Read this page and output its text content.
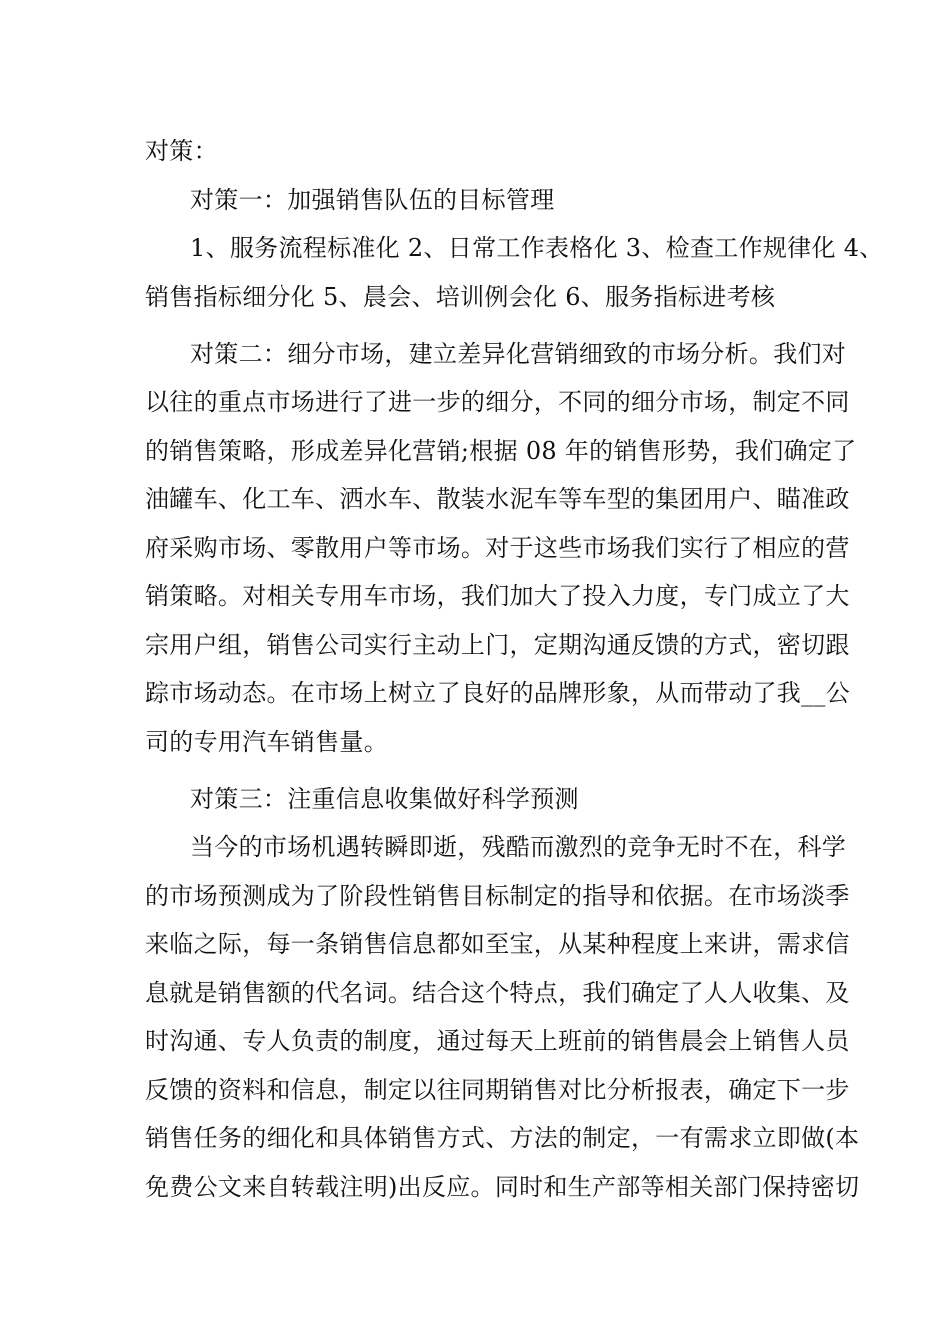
对策：

对策一：加强销售队伍的目标管理

1、服务流程标准化 2、日常工作表格化 3、检查工作规律化 4、

销售指标细分化 5、晨会、培训例会化 6、服务指标进考核

对策二：细分市场，建立差异化营销细致的市场分析。我们对

以往的重点市场进行了进一步的细分，不同的细分市场，制定不同

的销售策略，形成差异化营销;根据 08 年的销售形势，我们确定了

油罐车、化工车、洒水车、散装水泥车等车型的集团用户、瞄准政

府采购市场、零散用户等市场。对于这些市场我们实行了相应的营

销策略。对相关专用车市场，我们加大了投入力度，专门成立了大

宗用户组，销售公司实行主动上门，定期沟通反馈的方式，密切跟

踪市场动态。在市场上树立了良好的品牌形象，从而带动了我__公

司的专用汽车销售量。

对策三：注重信息收集做好科学预测

当今的市场机遇转瞬即逝，残酷而激烈的竞争无时不在，科学

的市场预测成为了阶段性销售目标制定的指导和依据。在市场淡季

来临之际，每一条销售信息都如至宝，从某种程度上来讲，需求信

息就是销售额的代名词。结合这个特点，我们确定了人人收集、及

时沟通、专人负责的制度，通过每天上班前的销售晨会上销售人员

反馈的资料和信息，制定以往同期销售对比分析报表，确定下一步

销售任务的细化和具体销售方式、方法的制定，一有需求立即做(本

免费公文来自转载注明)出反应。同时和生产部等相关部门保持密切
